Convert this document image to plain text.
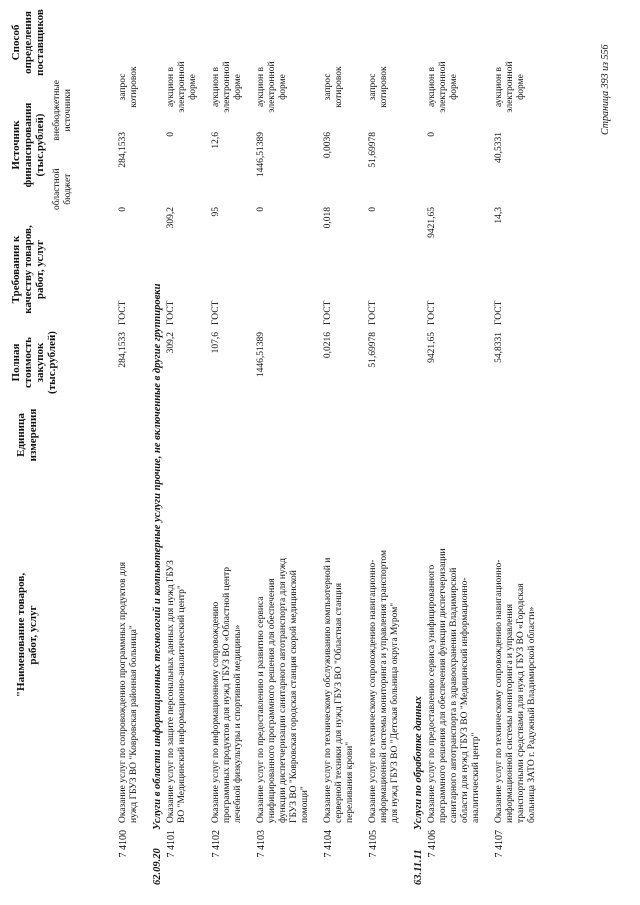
"Наименование товаров, работ, услуг
Единица измерения
Полная стоимость закупок (тыс.рублей)
Требования к качеству товаров, работ, услуг
Источник финансирования (тыс.рублей)
областной бюджет
внебюджетные источники
Способ определения поставщиков
7 4100
Оказание услуг по сопровождению программных продуктов для нужд ГБУЗ ВО "Ковровская районная больница"
284,1533
ГОСТ
0
284,1533
запрос котировок
62.09.20Услуги в области информационных технологий и компьютерные услуги прочие, не включенные в другие группировки
7 4101
Оказание услуг по защите персональных данных для нужд ГБУЗ ВО "Медицинский информационно-аналитический центр"
309,2
ГОСТ
309,2
0
аукцион в электронной форме
7 4102
Оказание услуг по информационному сопровождению программных продуктов для нужд ГБУЗ ВО «Областной центр лечебной физкультуры и спортивной медицины»
107,6
ГОСТ
95
12,6
аукцион в электронной форме
7 4103
Оказание услуг по предоставлению и развитию сервиса унифицированного программного решения для обеспечения функции диспетчеризации санитарного автотранспорта для нужд ГБУЗ ВО "Ковровская городская станция скорой медицинской помощи"
1446,51389
0
1446,51389
аукцион в электронной форме
7 4104
Оказание услуг по техническому обслуживанию компьютерной и серверной техники для нужд ГБУЗ ВО "Областная станция переливания крови"
0,0216
ГОСТ
0,018
0,0036
запрос котировок
7 4105
Оказание услуг по техническому сопровождению навигационно- информационной системы мониторинга и управления транспортом для нужд ГБУЗ ВО "Детская больница округа Муром"
51,69978
ГОСТ
0
51,69978
запрос котировок
63.11.11Услуги по обработке данных
7 4106
Оказание услуг по предоставлению сервиса унифицированного программного решения для обеспечения функции диспетчеризации санитарного автотранспорта в здравоохранении Владимирской области для нужд ГБУЗ ВО "Медицинский информационно- аналитический центр"
9421,65
ГОСТ
9421,65
0
аукцион в электронной форме
7 4107
Оказание услуг по техническому сопровождению навигационно- информационной системы мониторинга и управления транспортными средствами для нужд ГБУЗ ВО «Городская больница ЗАТО г. Радужный Владимирской области»
54,8331
ГОСТ
14,3
40,5331
аукцион в электронной форме	Страница 393 из 556
